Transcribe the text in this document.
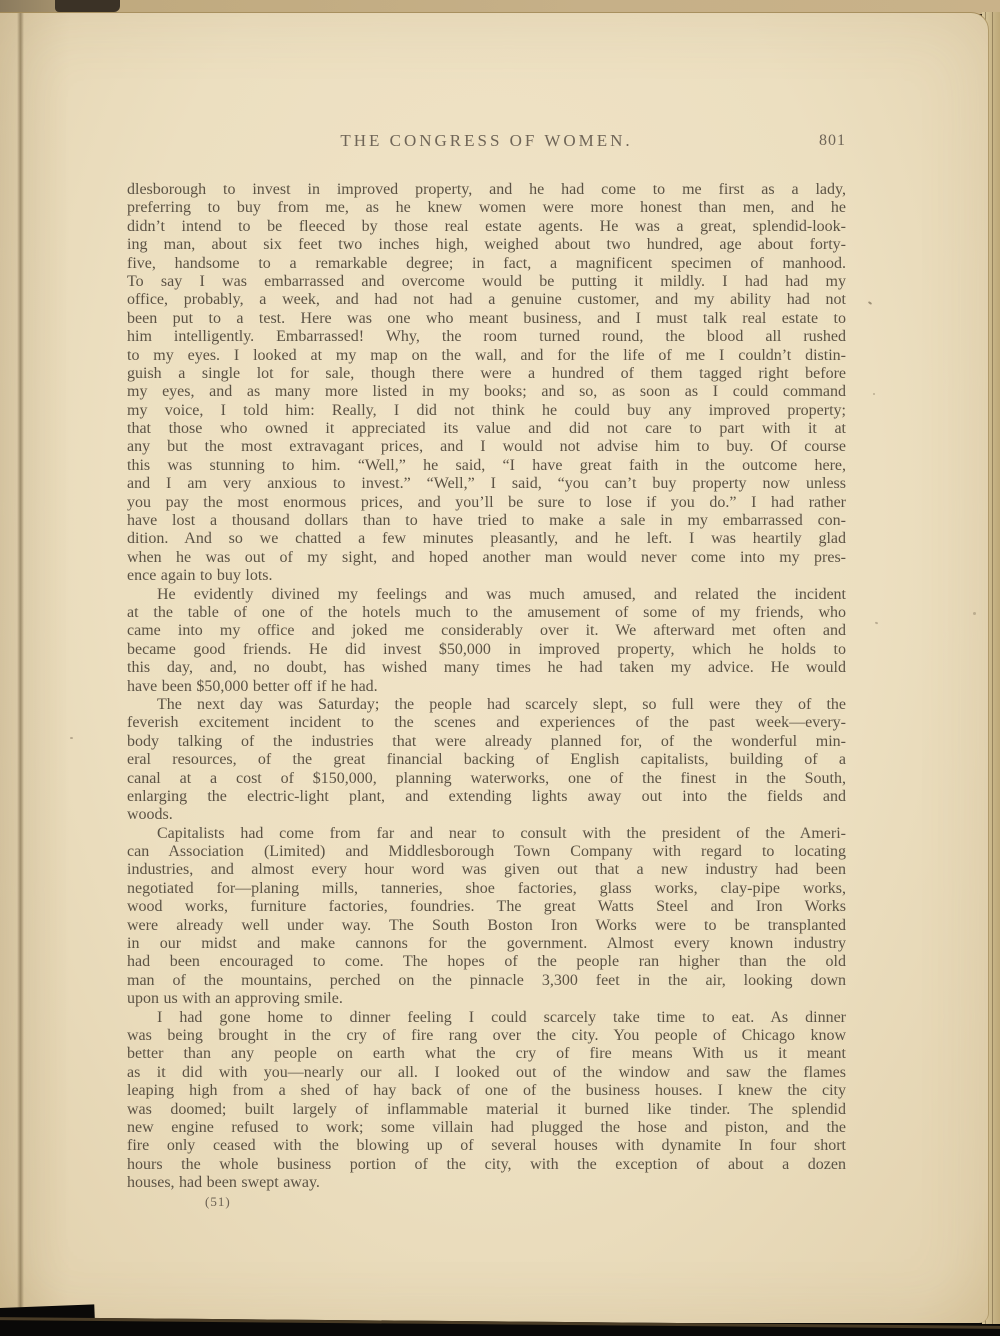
THE CONGRESS OF WOMEN.	801
dlesborough to invest in improved property, and he had come to me first as a lady,
preferring to buy from me, as he knew women were more honest than men, and he
didn’t intend to be fleeced by those real estate agents. He was a great, splendid-look-
ing man, about six feet two inches high, weighed about two hundred, age about forty-
five, handsome to a remarkable degree; in fact, a magnificent specimen of manhood.
To say I was embarrassed and overcome would be putting it mildly. I had had my
office, probably, a week, and had not had a genuine customer, and my ability had not
been put to a test. Here was one who meant business, and I must talk real estate to
him intelligently. Embarrassed! Why, the room turned round, the blood all rushed
to my eyes. I looked at my map on the wall, and for the life of me I couldn’t distin-
guish a single lot for sale, though there were a hundred of them tagged right before
my eyes, and as many more listed in my books; and so, as soon as I could command
my voice, I told him: Really, I did not think he could buy any improved property;
that those who owned it appreciated its value and did not care to part with it at
any but the most extravagant prices, and I would not advise him to buy. Of course
this was stunning to him. “Well,” he said, “I have great faith in the outcome here,
and I am very anxious to invest.” “Well,” I said, “you can’t buy property now unless
you pay the most enormous prices, and you’ll be sure to lose if you do.” I had rather
have lost a thousand dollars than to have tried to make a sale in my embarrassed con-
dition. And so we chatted a few minutes pleasantly, and he left. I was heartily glad
when he was out of my sight, and hoped another man would never come into my pres-
ence again to buy lots.
He evidently divined my feelings and was much amused, and related the incident
at the table of one of the hotels much to the amusement of some of my friends, who
came into my office and joked me considerably over it. We afterward met often and
became good friends. He did invest $50,000 in improved property, which he holds to
this day, and, no doubt, has wished many times he had taken my advice. He would
have been $50,000 better off if he had.
The next day was Saturday; the people had scarcely slept, so full were they of the
feverish excitement incident to the scenes and experiences of the past week—every-
body talking of the industries that were already planned for, of the wonderful min-
eral resources, of the great financial backing of English capitalists, building of a
canal at a cost of $150,000, planning waterworks, one of the finest in the South,
enlarging the electric-light plant, and extending lights away out into the fields and
woods.
Capitalists had come from far and near to consult with the president of the Ameri-
can Association (Limited) and Middlesborough Town Company with regard to locating
industries, and almost every hour word was given out that a new industry had been
negotiated for—planing mills, tanneries, shoe factories, glass works, clay-pipe works,
wood works, furniture factories, foundries. The great Watts Steel and Iron Works
were already well under way. The South Boston Iron Works were to be transplanted
in our midst and make cannons for the government. Almost every known industry
had been encouraged to come. The hopes of the people ran higher than the old
man of the mountains, perched on the pinnacle 3,300 feet in the air, looking down
upon us with an approving smile.
I had gone home to dinner feeling I could scarcely take time to eat. As dinner
was being brought in the cry of fire rang over the city. You people of Chicago know
better than any people on earth what the cry of fire means With us it meant
as it did with you—nearly our all. I looked out of the window and saw the flames
leaping high from a shed of hay back of one of the business houses. I knew the city
was doomed; built largely of inflammable material it burned like tinder. The splendid
new engine refused to work; some villain had plugged the hose and piston, and the
fire only ceased with the blowing up of several houses with dynamite In four short
hours the whole business portion of the city, with the exception of about a dozen
houses, had been swept away.
(51)
